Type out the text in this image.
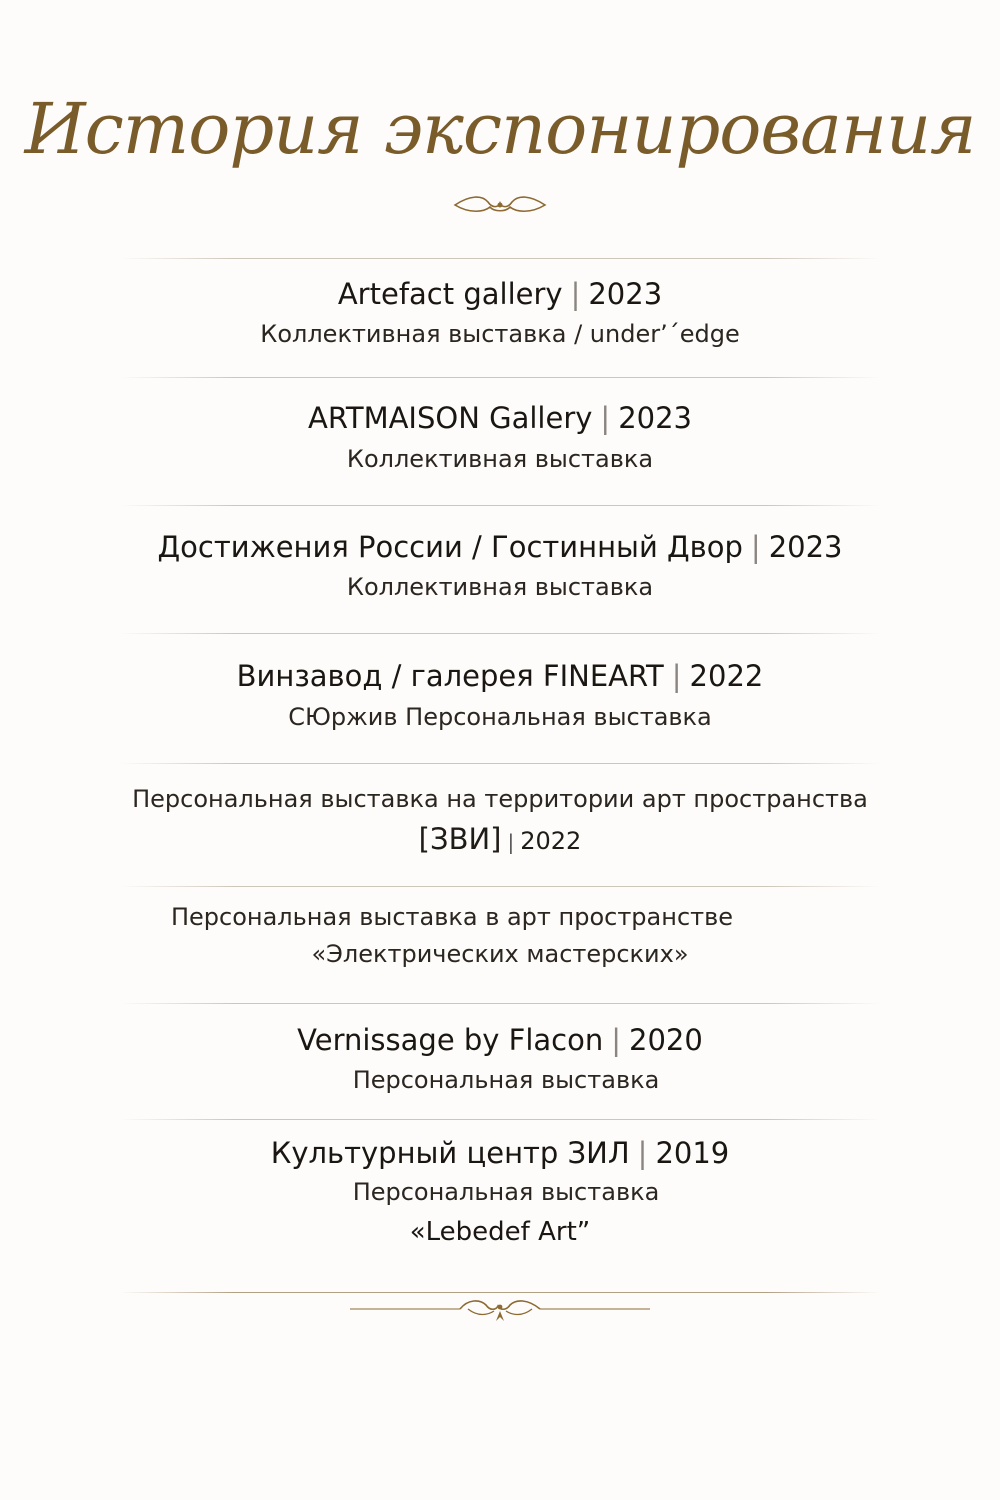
История экспонирования
Artefact gallery | 2023
Коллективная выставка / under’´edge
ARTMAISON Gallery | 2023
Коллективная выставка
Достижения России / Гостинный Двор | 2023
Коллективная выставка
Винзавод / галерея FINEART | 2022
СЮржив Персональная выставка
Персональная выставка на территории арт пространства
[ЗВИ] | 2022
Персональная выставка в арт пространстве
«Электрических мастерских»
Vernissage by Flacon | 2020
Персональная выставка
Культурный центр ЗИЛ | 2019
Персональная выставка
«Lebedef Art”
